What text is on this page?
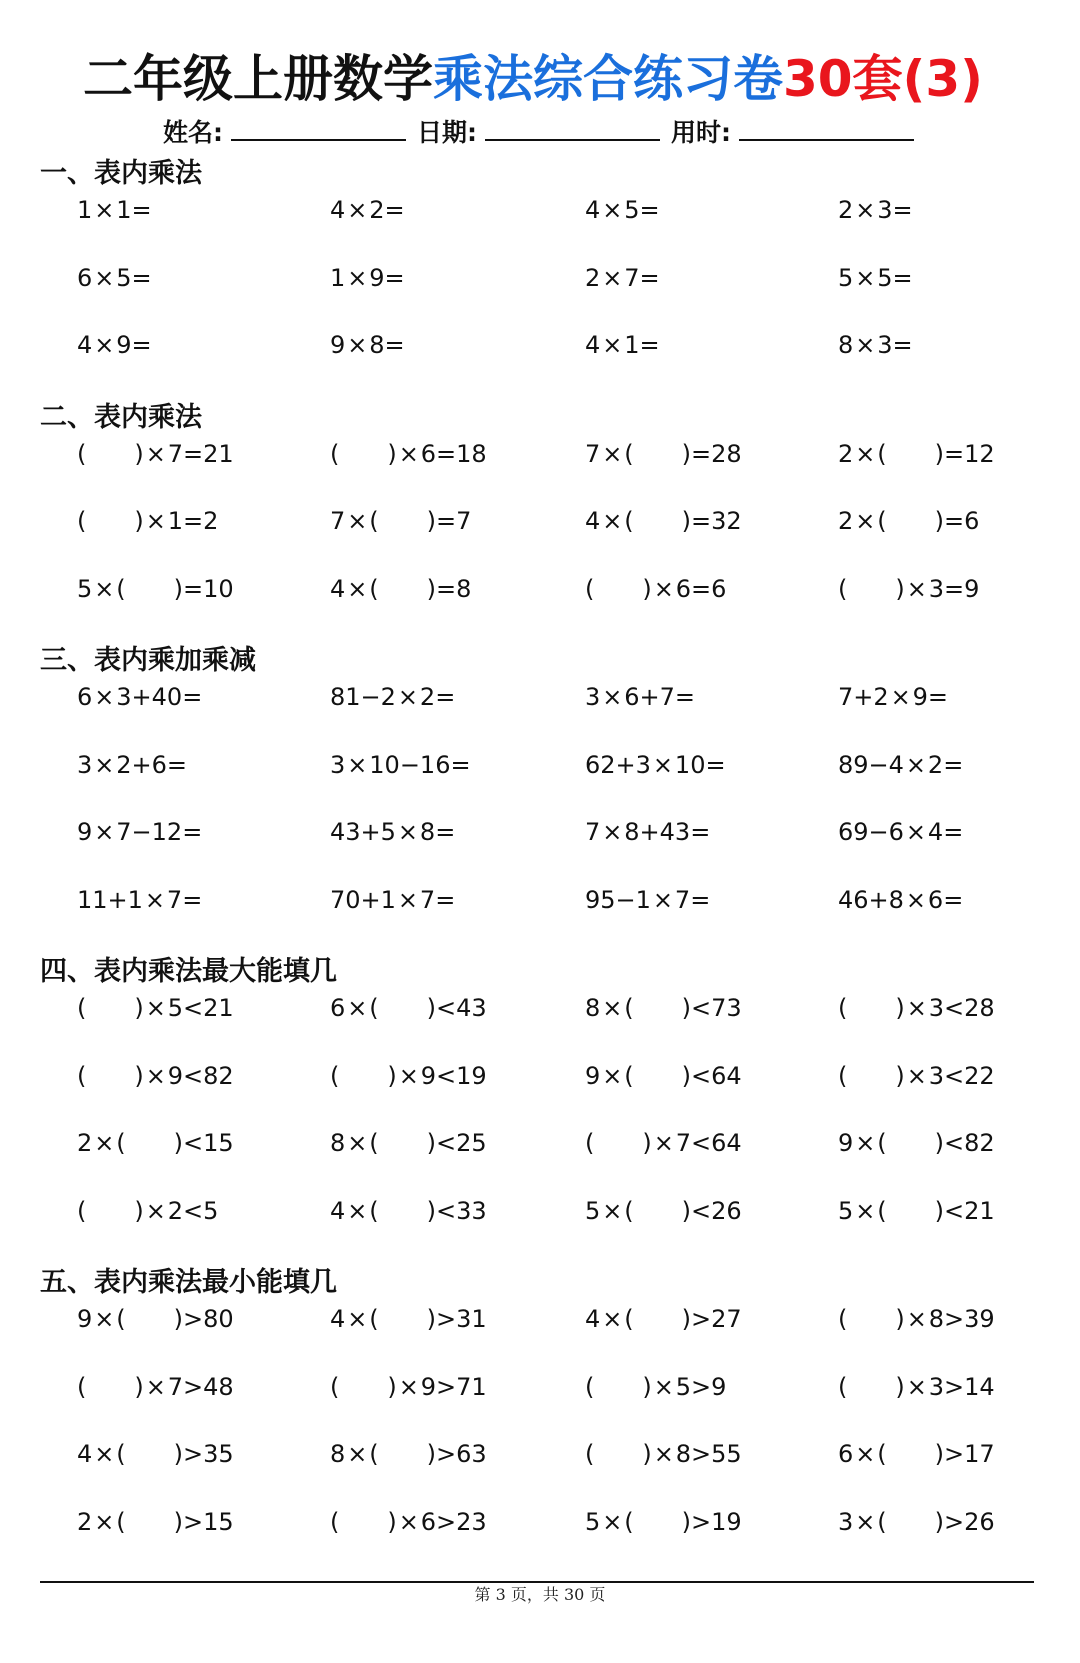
二年级上册数学乘法综合练习卷30套(3)
姓名:	日期:	用时:
一、表内乘法
1×1=	4×2=	4×5=	2×3=
6×5=	1×9=	2×7=	5×5=
4×9=	9×8=	4×1=	8×3=
二、表内乘法
( )×7=21	( )×6=18	7×( )=28	2×( )=12
( )×1=2	7×( )=7	4×( )=32	2×( )=6
5×( )=10	4×( )=8	( )×6=6	( )×3=9
三、表内乘加乘减
6×3+40=	81−2×2=	3×6+7=	7+2×9=
3×2+6=	3×10−16=	62+3×10=	89−4×2=
9×7−12=	43+5×8=	7×8+43=	69−6×4=
11+1×7=	70+1×7=	95−1×7=	46+8×6=
四、表内乘法最大能填几
( )×5<21	6×( )<43	8×( )<73	( )×3<28
( )×9<82	( )×9<19	9×( )<64	( )×3<22
2×( )<15	8×( )<25	( )×7<64	9×( )<82
( )×2<5	4×( )<33	5×( )<26	5×( )<21
五、表内乘法最小能填几
9×( )>80	4×( )>31	4×( )>27	( )×8>39
( )×7>48	( )×9>71	( )×5>9	( )×3>14
4×( )>35	8×( )>63	( )×8>55	6×( )>17
2×( )>15	( )×6>23	5×( )>19	3×( )>26
第 3 页，共 30 页
